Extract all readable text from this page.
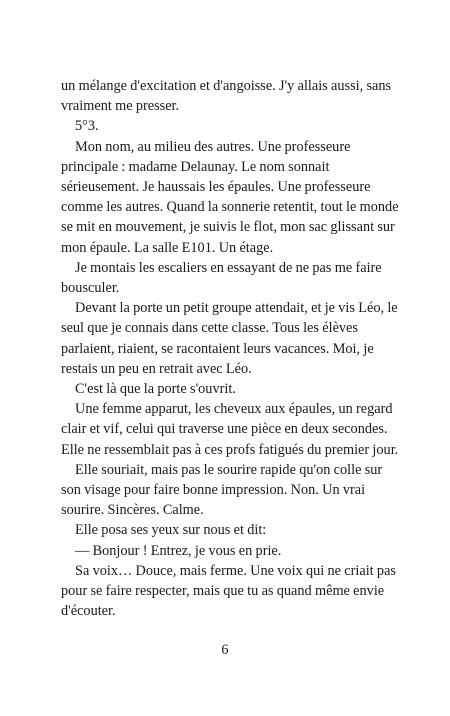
un mélange d'excitation et d'angoisse. J'y allais aussi, sans
vraiment me presser.
5°3.
Mon nom, au milieu des autres. Une professeure
principale : madame Delaunay. Le nom sonnait
sérieusement. Je haussais les épaules. Une professeure
comme les autres. Quand la sonnerie retentit, tout le monde
se mit en mouvement, je suivis le flot, mon sac glissant sur
mon épaule. La salle E101. Un étage.
Je montais les escaliers en essayant de ne pas me faire
bousculer.
Devant la porte un petit groupe attendait, et je vis Léo, le
seul que je connais dans cette classe. Tous les élèves
parlaient, riaient, se racontaient leurs vacances. Moi, je
restais un peu en retrait avec Léo.
C'est là que la porte s'ouvrit.
Une femme apparut, les cheveux aux épaules, un regard
clair et vif, celui qui traverse une pièce en deux secondes.
Elle ne ressemblait pas à ces profs fatigués du premier jour.
Elle souriait, mais pas le sourire rapide qu'on colle sur
son visage pour faire bonne impression. Non. Un vrai
sourire. Sincères. Calme.
Elle posa ses yeux sur nous et dit:
— Bonjour ! Entrez, je vous en prie.
Sa voix… Douce, mais ferme. Une voix qui ne criait pas
pour se faire respecter, mais que tu as quand même envie
d'écouter.
6
